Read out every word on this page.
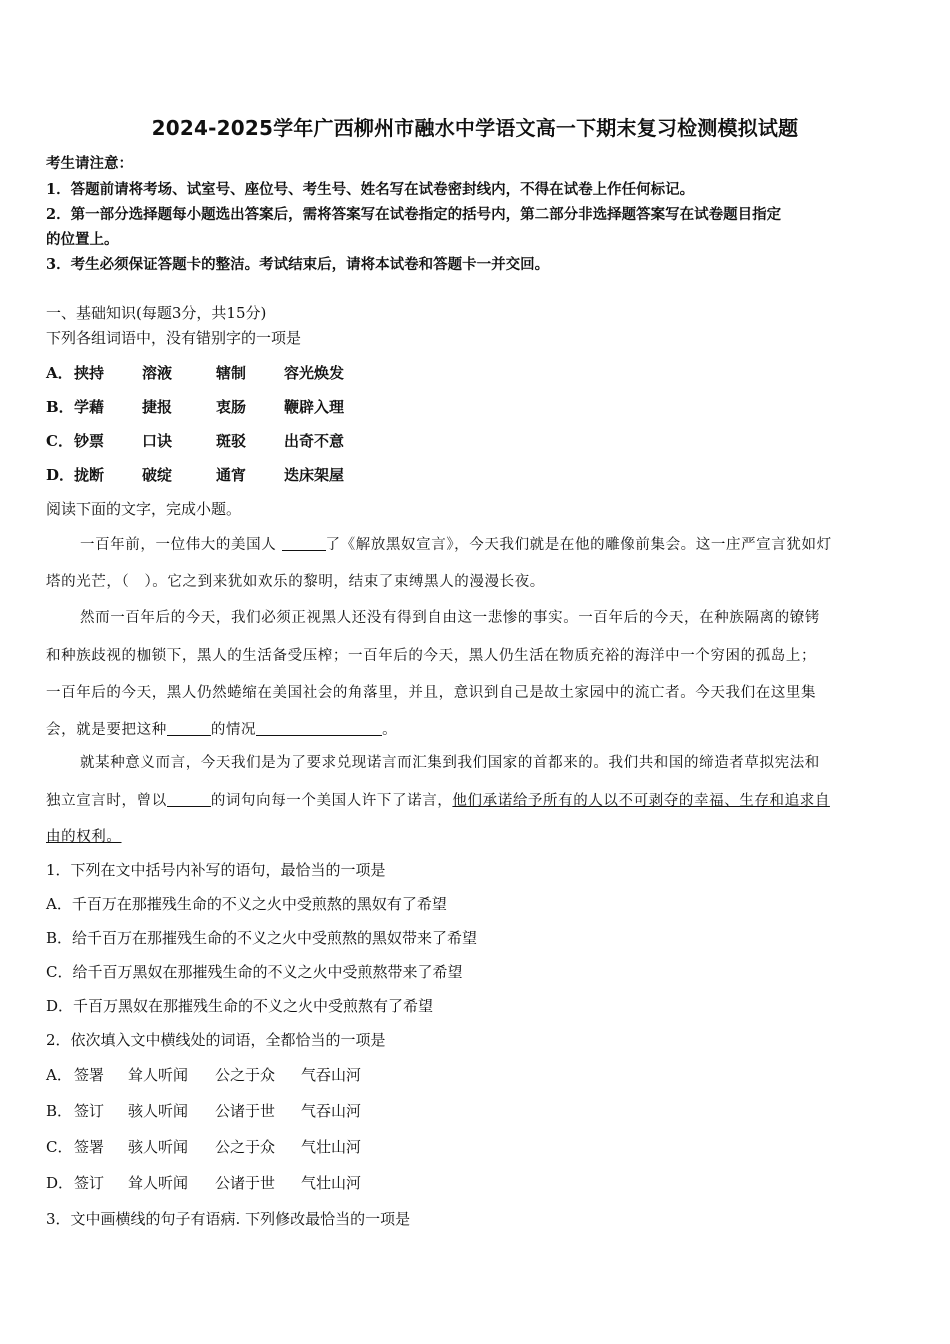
2024-2025学年广西柳州市融水中学语文高一下期末复习检测模拟试题
考生请注意：
1．答题前请将考场、试室号、座位号、考生号、姓名写在试卷密封线内，不得在试卷上作任何标记。
2．第一部分选择题每小题选出答案后，需将答案写在试卷指定的括号内，第二部分非选择题答案写在试卷题目指定
的位置上。
3．考生必须保证答题卡的整洁。考试结束后，请将本试卷和答题卡一并交回。
一、基础知识(每题3分，共15分)
下列各组词语中，没有错别字的一项是
A．挟持	溶液	辖制	容光焕发
B．学藉	捷报	衷肠	鞭辟入理
C．钞票	口诀	斑驳	出奇不意
D．拢断	破绽	通宵	迭床架屋
阅读下面的文字，完成小题。
一百年前，一位伟大的美国人	了《解放黑奴宣言》，今天我们就是在他的雕像前集会。这一庄严宣言犹如灯
塔的光芒，（　）。它之到来犹如欢乐的黎明，结束了束缚黑人的漫漫长夜。
然而一百年后的今天，我们必须正视黑人还没有得到自由这一悲惨的事实。一百年后的今天，在种族隔离的镣铐
和种族歧视的枷锁下，黑人的生活备受压榨；一百年后的今天，黑人仍生活在物质充裕的海洋中一个穷困的孤岛上；
一百年后的今天，黑人仍然蜷缩在美国社会的角落里，并且，意识到自己是故土家园中的流亡者。今天我们在这里集
会，就是要把这种	的情况	。
就某种意义而言，今天我们是为了要求兑现诺言而汇集到我们国家的首都来的。我们共和国的缔造者草拟宪法和
独立宣言时，曾以	的词句向每一个美国人许下了诺言，他们承诺给予所有的人以不可剥夺的幸福、生存和追求自
由的权利。
1．下列在文中括号内补写的语句，最恰当的一项是
A．千百万在那摧残生命的不义之火中受煎熬的黑奴有了希望
B．给千百万在那摧残生命的不义之火中受煎熬的黑奴带来了希望
C．给千百万黑奴在那摧残生命的不义之火中受煎熬带来了希望
D．千百万黑奴在那摧残生命的不义之火中受煎熬有了希望
2．依次填入文中横线处的词语，全都恰当的一项是
A． 签署 耸人听闻 公之于众 气吞山河
B． 签订 骇人听闻 公诸于世 气吞山河
C． 签署 骇人听闻 公之于众 气壮山河
D．签订 耸人听闻 公诸于世 气壮山河
3．文中画横线的句子有语病. 下列修改最恰当的一项是
